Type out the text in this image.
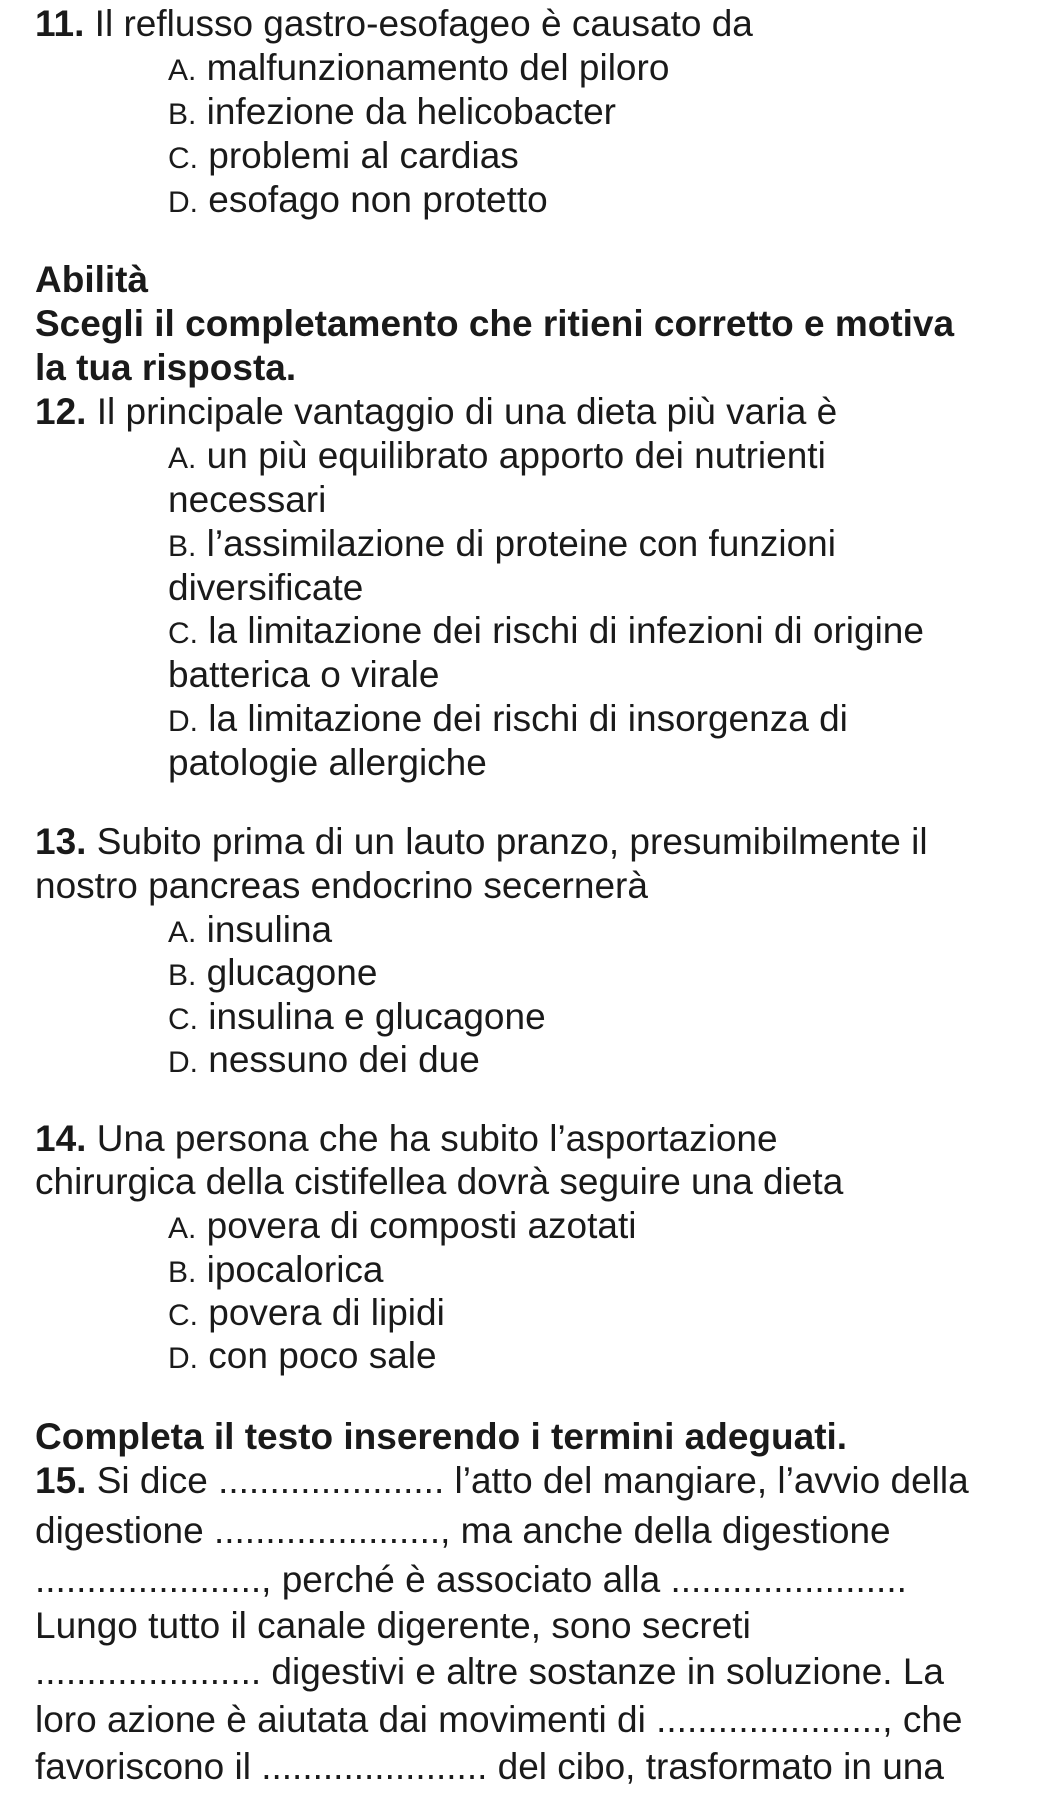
11. Il reflusso gastro-esofageo è causato da
A. malfunzionamento del piloro
B. infezione da helicobacter
C. problemi al cardias
D. esofago non protetto
Abilità
Scegli il completamento che ritieni corretto e motiva
la tua risposta.
12. Il principale vantaggio di una dieta più varia è
A. un più equilibrato apporto dei nutrienti
necessari
B. l’assimilazione di proteine con funzioni
diversificate
C. la limitazione dei rischi di infezioni di origine
batterica o virale
D. la limitazione dei rischi di insorgenza di
patologie allergiche
13. Subito prima di un lauto pranzo, presumibilmente il
nostro pancreas endocrino secernerà
A. insulina
B. glucagone
C. insulina e glucagone
D. nessuno dei due
14. Una persona che ha subito l’asportazione
chirurgica della cistifellea dovrà seguire una dieta
A. povera di composti azotati
B. ipocalorica
C. povera di lipidi
D. con poco sale
Completa il testo inserendo i termini adeguati.
15. Si dice ...................... l’atto del mangiare, l’avvio della
digestione ......................, ma anche della digestione
......................, perché è associato alla .......................
Lungo tutto il canale digerente, sono secreti
...................... digestivi e altre sostanze in soluzione. La
loro azione è aiutata dai movimenti di ......................, che
favoriscono il ...................... del cibo, trasformato in una
